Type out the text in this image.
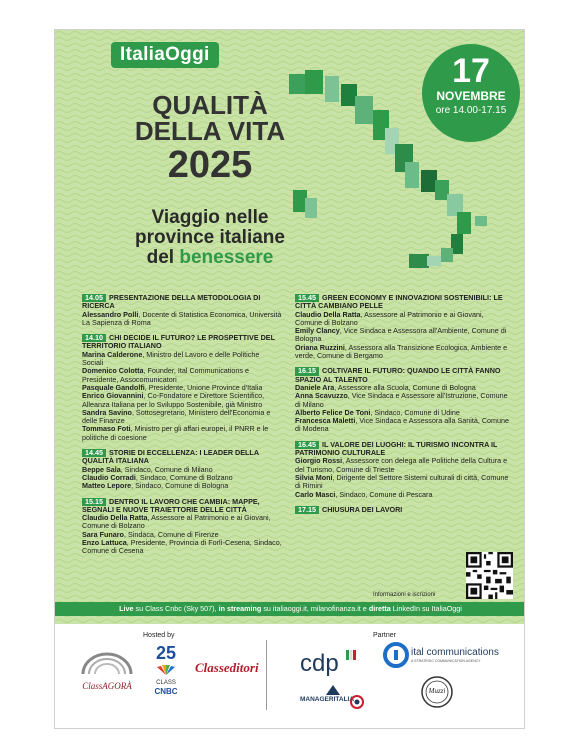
ItaliaOggi	17
NOVEMBRE
ore 14.00-17.15
QUALITÀ
DELLA VITA
2025
Viaggio nelle
province italiane
del benessere
14.05 PRESENTAZIONE DELLA METODOLOGIA DI RICERCA
Alessandro Polli, Docente di Statistica Economica, Università La Sapienza di Roma
14.10 CHI DECIDE IL FUTURO? LE PROSPETTIVE DEL TERRITORIO ITALIANO
Marina Calderone, Ministro del Lavoro e delle Politiche Sociali
Domenico Colotta, Founder, Ital Communications e Presidente, Assocomunicatori
Pasquale Gandolfi, Presidente, Unione Province d'Italia
Enrico Giovannini, Co-Fondatore e Direttore Scientifico, Alleanza Italiana per lo Sviluppo Sostenibile, già Ministro
Sandra Savino, Sottosegretario, Ministero dell'Economia e delle Finanze
Tommaso Foti, Ministro per gli affari europei, il PNRR e le politiche di coesione
14.45 STORIE DI ECCELLENZA: I LEADER DELLA QUALITÀ ITALIANA
Beppe Sala, Sindaco, Comune di Milano
Claudio Corradi, Sindaco, Comune di Bolzano
Matteo Lepore, Sindaco, Comune di Bologna
15.15 DENTRO IL LAVORO CHE CAMBIA: MAPPE, SEGNALI E NUOVE TRAIETTORIE DELLE CITTÀ
Claudio Della Ratta, Assessore al Patrimonio e ai Giovani, Comune di Bolzano
Sara Funaro, Sindaca, Comune di Firenze
Enzo Lattuca, Presidente, Provincia di Forlì-Cesena, Sindaco, Comune di Cesena
15.45 GREEN ECONOMY E INNOVAZIONI SOSTENIBILI: LE CITTÀ CAMBIANO PELLE
Claudio Della Ratta, Assessore al Patrimonio e ai Giovani, Comune di Bolzano
Emily Clancy, Vice Sindaca e Assessora all'Ambiente, Comune di Bologna
Oriana Ruzzini, Assessora alla Transizione Ecologica, Ambiente e verde, Comune di Bergamo
16.15 COLTIVARE IL FUTURO: QUANDO LE CITTÀ FANNO SPAZIO AL TALENTO
Daniele Ara, Assessore alla Scuola, Comune di Bologna
Anna Scavuzzo, Vice Sindaca e Assessore all'Istruzione, Comune di Milano
Alberto Felice De Toni, Sindaco, Comune di Udine
Francesca Maletti, Vice Sindaca e Assessora alla Sanità, Comune di Modena
16.45 IL VALORE DEI LUOGHI: IL TURISMO INCONTRA IL PATRIMONIO CULTURALE
Giorgio Rossi, Assessore con delega alle Politiche della Cultura e del Turismo, Comune di Trieste
Silvia Moni, Dirigente del Settore Sistemi culturali di città, Comune di Rimini
Carlo Masci, Sindaco, Comune di Pescara
17.15 CHIUSURA DEI LAVORI
Informazioni e iscrizioni
Live su Class Cnbc (Sky 507), in streaming su italiaoggi.it, milanofinanza.it e diretta LinkedIn su ItaliaOggi
Hosted by	Partner
ClassAGORÀ
25
CLASS
CNBC
Classeditori cdp	ital communications
A STRATEGIC COMMUNICATION AGENCY
MANAGERITALIA
Muzzi
